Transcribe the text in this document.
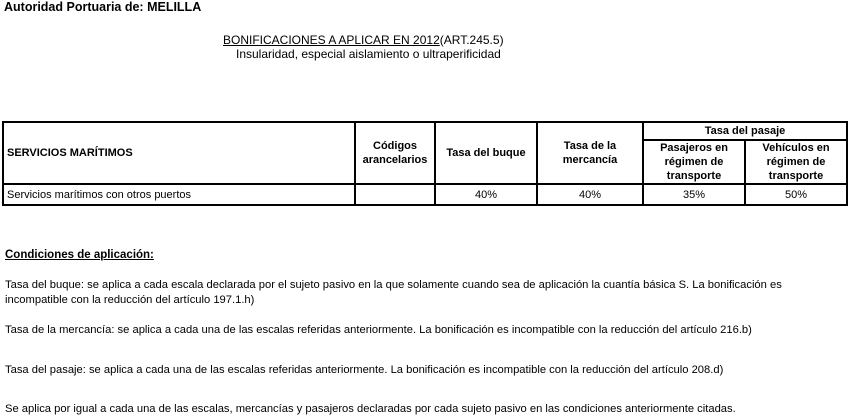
Autoridad Portuaria de: MELILLA
BONIFICACIONES A APLICAR EN 2012(ART.245.5)
Insularidad, especial aislamiento o ultraperificidad
SERVICIOS MARÍTIMOS	Códigos arancelarios	Tasa del buque	Tasa de la mercancía	Tasa del pasaje	

				Pasajeros en régimen de transporte	Vehículos en régimen de transporte

Servicios marítimos con otros puertos		40%	40%	35%	50%
Condiciones de aplicación:
Tasa del buque: se aplica a cada escala declarada por el sujeto pasivo en la que solamente cuando sea de aplicación la cuantía básica S. La bonificación es incompatible con la reducción del artículo 197.1.h)
Tasa de la mercancía: se aplica a cada una de las escalas referidas anteriormente. La bonificación es incompatible con la reducción del artículo 216.b)
Tasa del pasaje: se aplica a cada una de las escalas referidas anteriormente. La bonificación es incompatible con la reducción del artículo 208.d)
Se aplica por igual a cada una de las escalas, mercancías y pasajeros declaradas por cada sujeto pasivo en las condiciones anteriormente citadas.
